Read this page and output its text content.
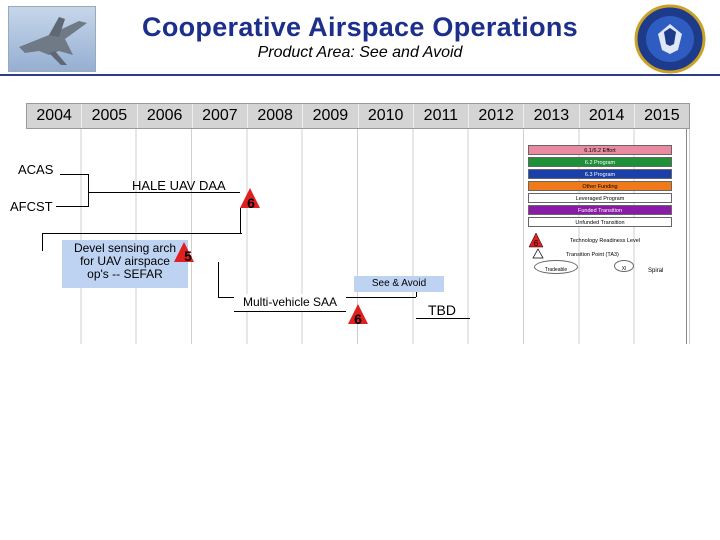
Cooperative Airspace Operations
Product Area: See and Avoid
2004	2005	2006	2007	2008	2009	2010	2011	2012	2013	2014	2015
6.1/6.2 Effort
6.2 Program
6.3 Program
Other Funding
Leveraged Program
Funded Transition
Unfunded Transition
6	Technology Readiness Level
Transition Point (TA3)
Tradeable	Xl	Spiral
ACAS
AFCST
HALE UAV DAA
6
Devel sensing arch
for UAV airspace
op's -- SEFAR
5
See & Avoid
Multi-vehicle SAA
6
TBD
